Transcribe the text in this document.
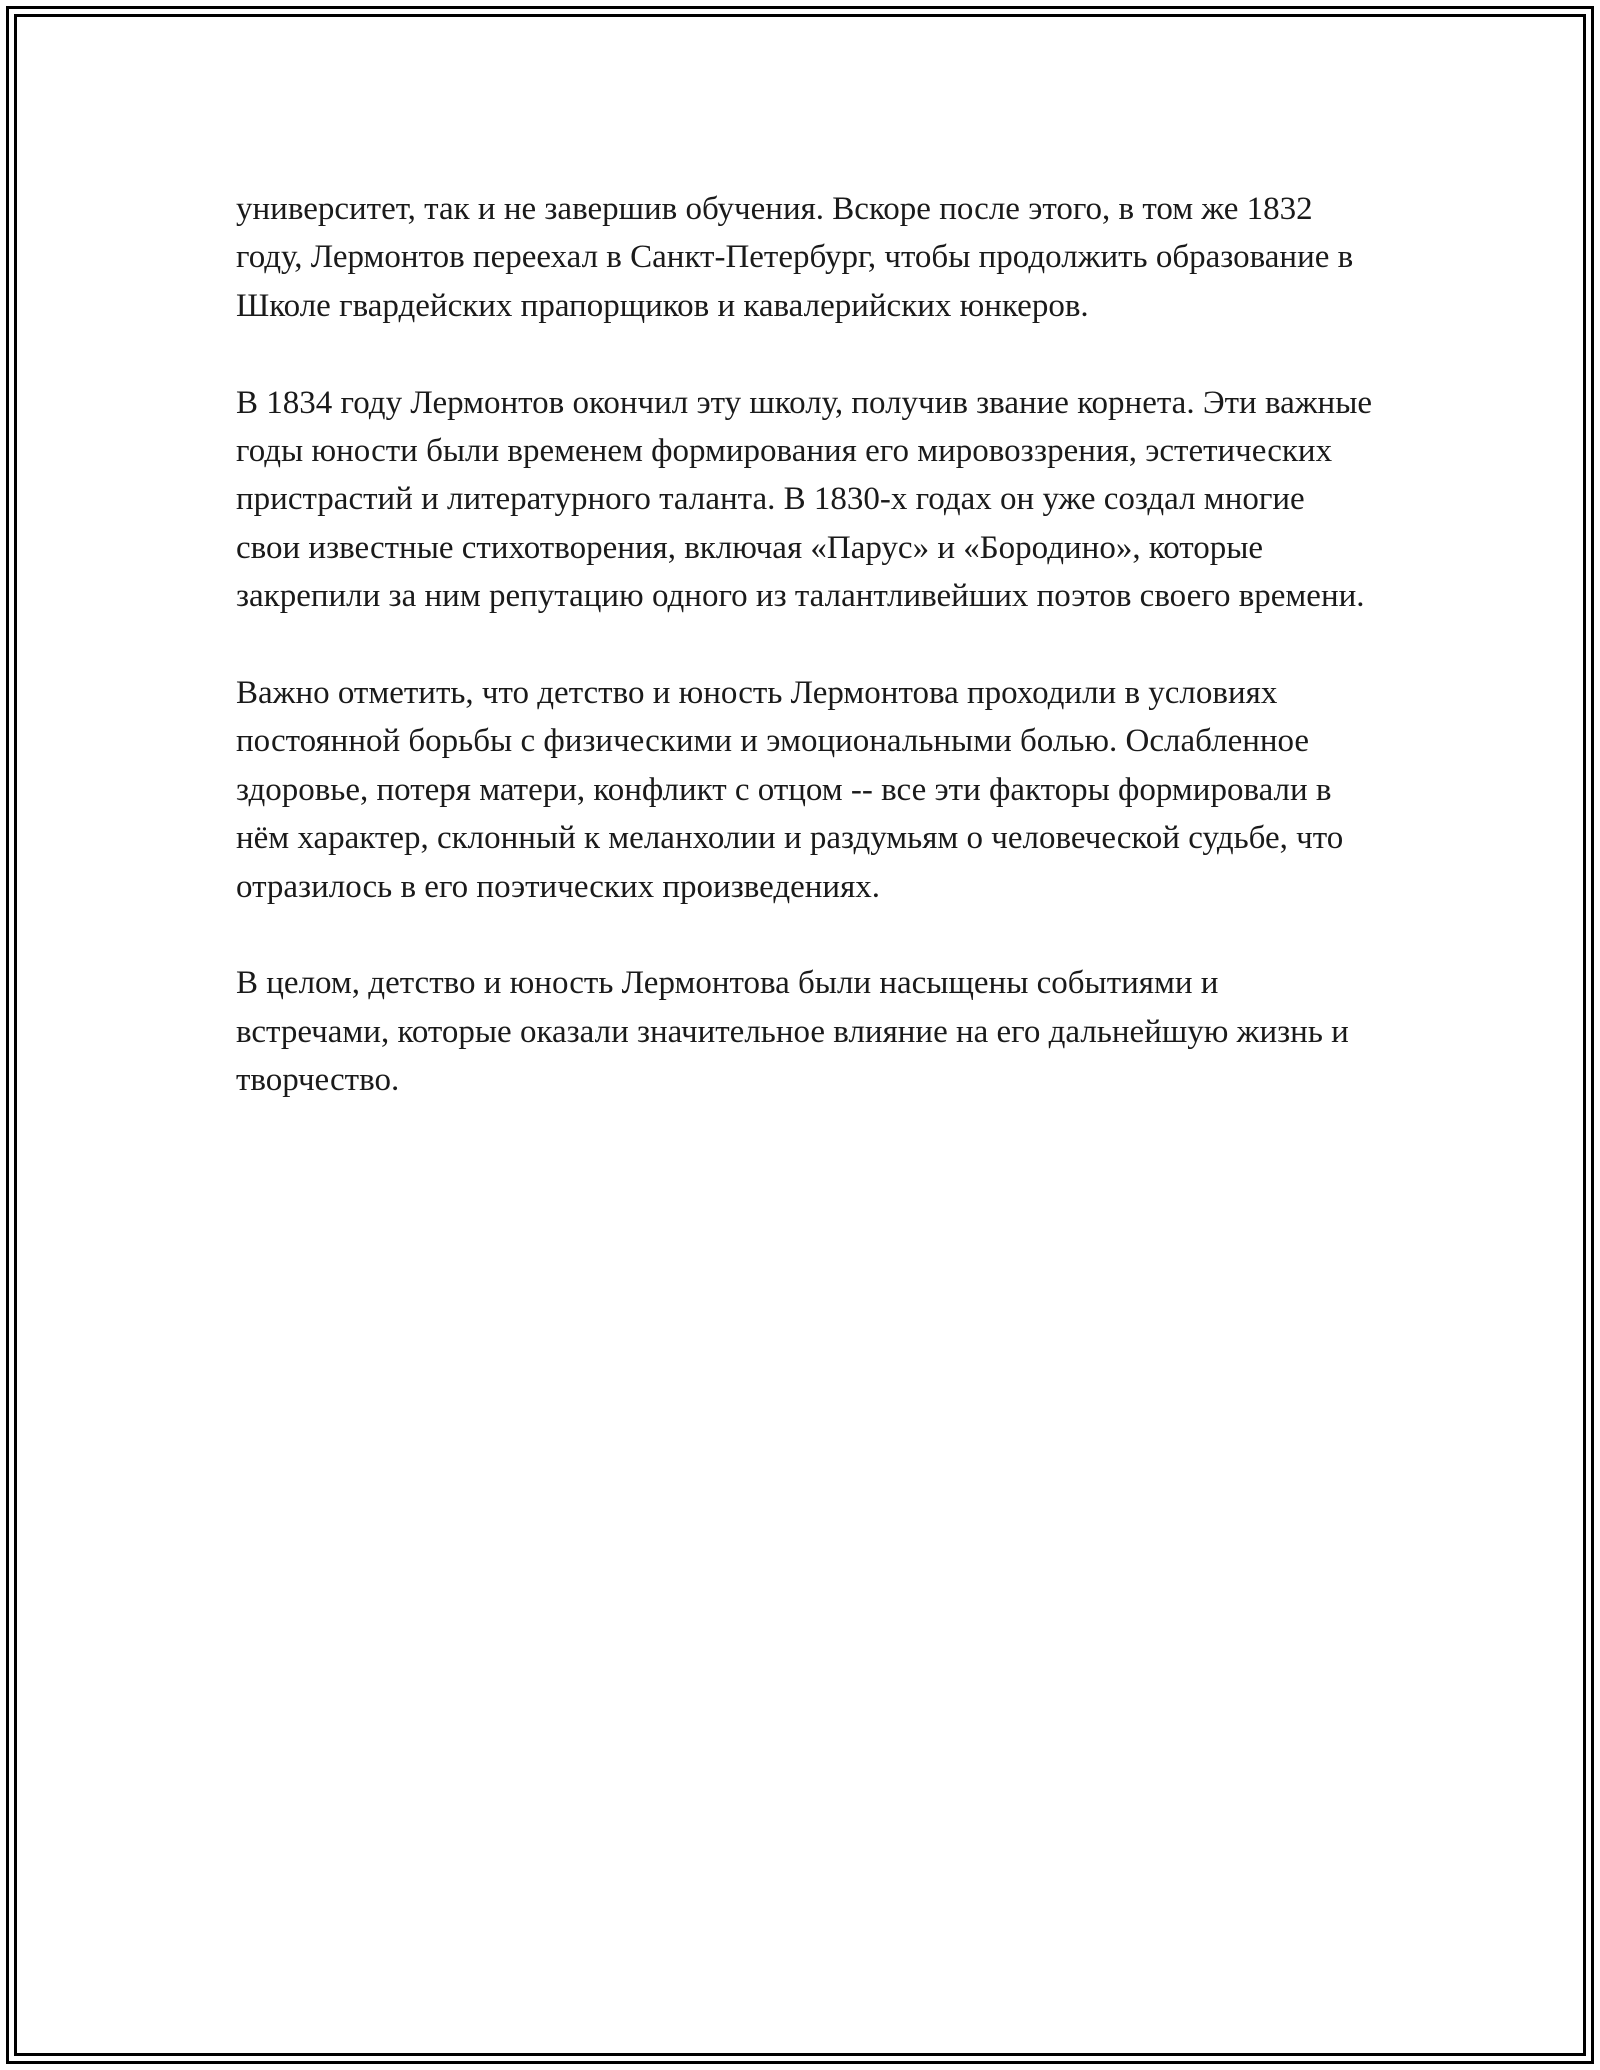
университет, так и не завершив обучения. Вскоре после этого, в том же 1832 году, Лермонтов переехал в Санкт-Петербург, чтобы продолжить образование в Школе гвардейских прапорщиков и кавалерийских юнкеров.

В 1834 году Лермонтов окончил эту школу, получив звание корнета. Эти важные годы юности были временем формирования его мировоззрения, эстетических пристрастий и литературного таланта. В 1830-х годах он уже создал многие свои известные стихотворения, включая «Парус» и «Бородино», которые закрепили за ним репутацию одного из талантливейших поэтов своего времени.

Важно отметить, что детство и юность Лермонтова проходили в условиях постоянной борьбы с физическими и эмоциональными болью. Ослабленное здоровье, потеря матери, конфликт с отцом -- все эти факторы формировали в нём характер, склонный к меланхолии и раздумьям о человеческой судьбе, что отразилось в его поэтических произведениях.

В целом, детство и юность Лермонтова были насыщены событиями и встречами, которые оказали значительное влияние на его дальнейшую жизнь и творчество.
